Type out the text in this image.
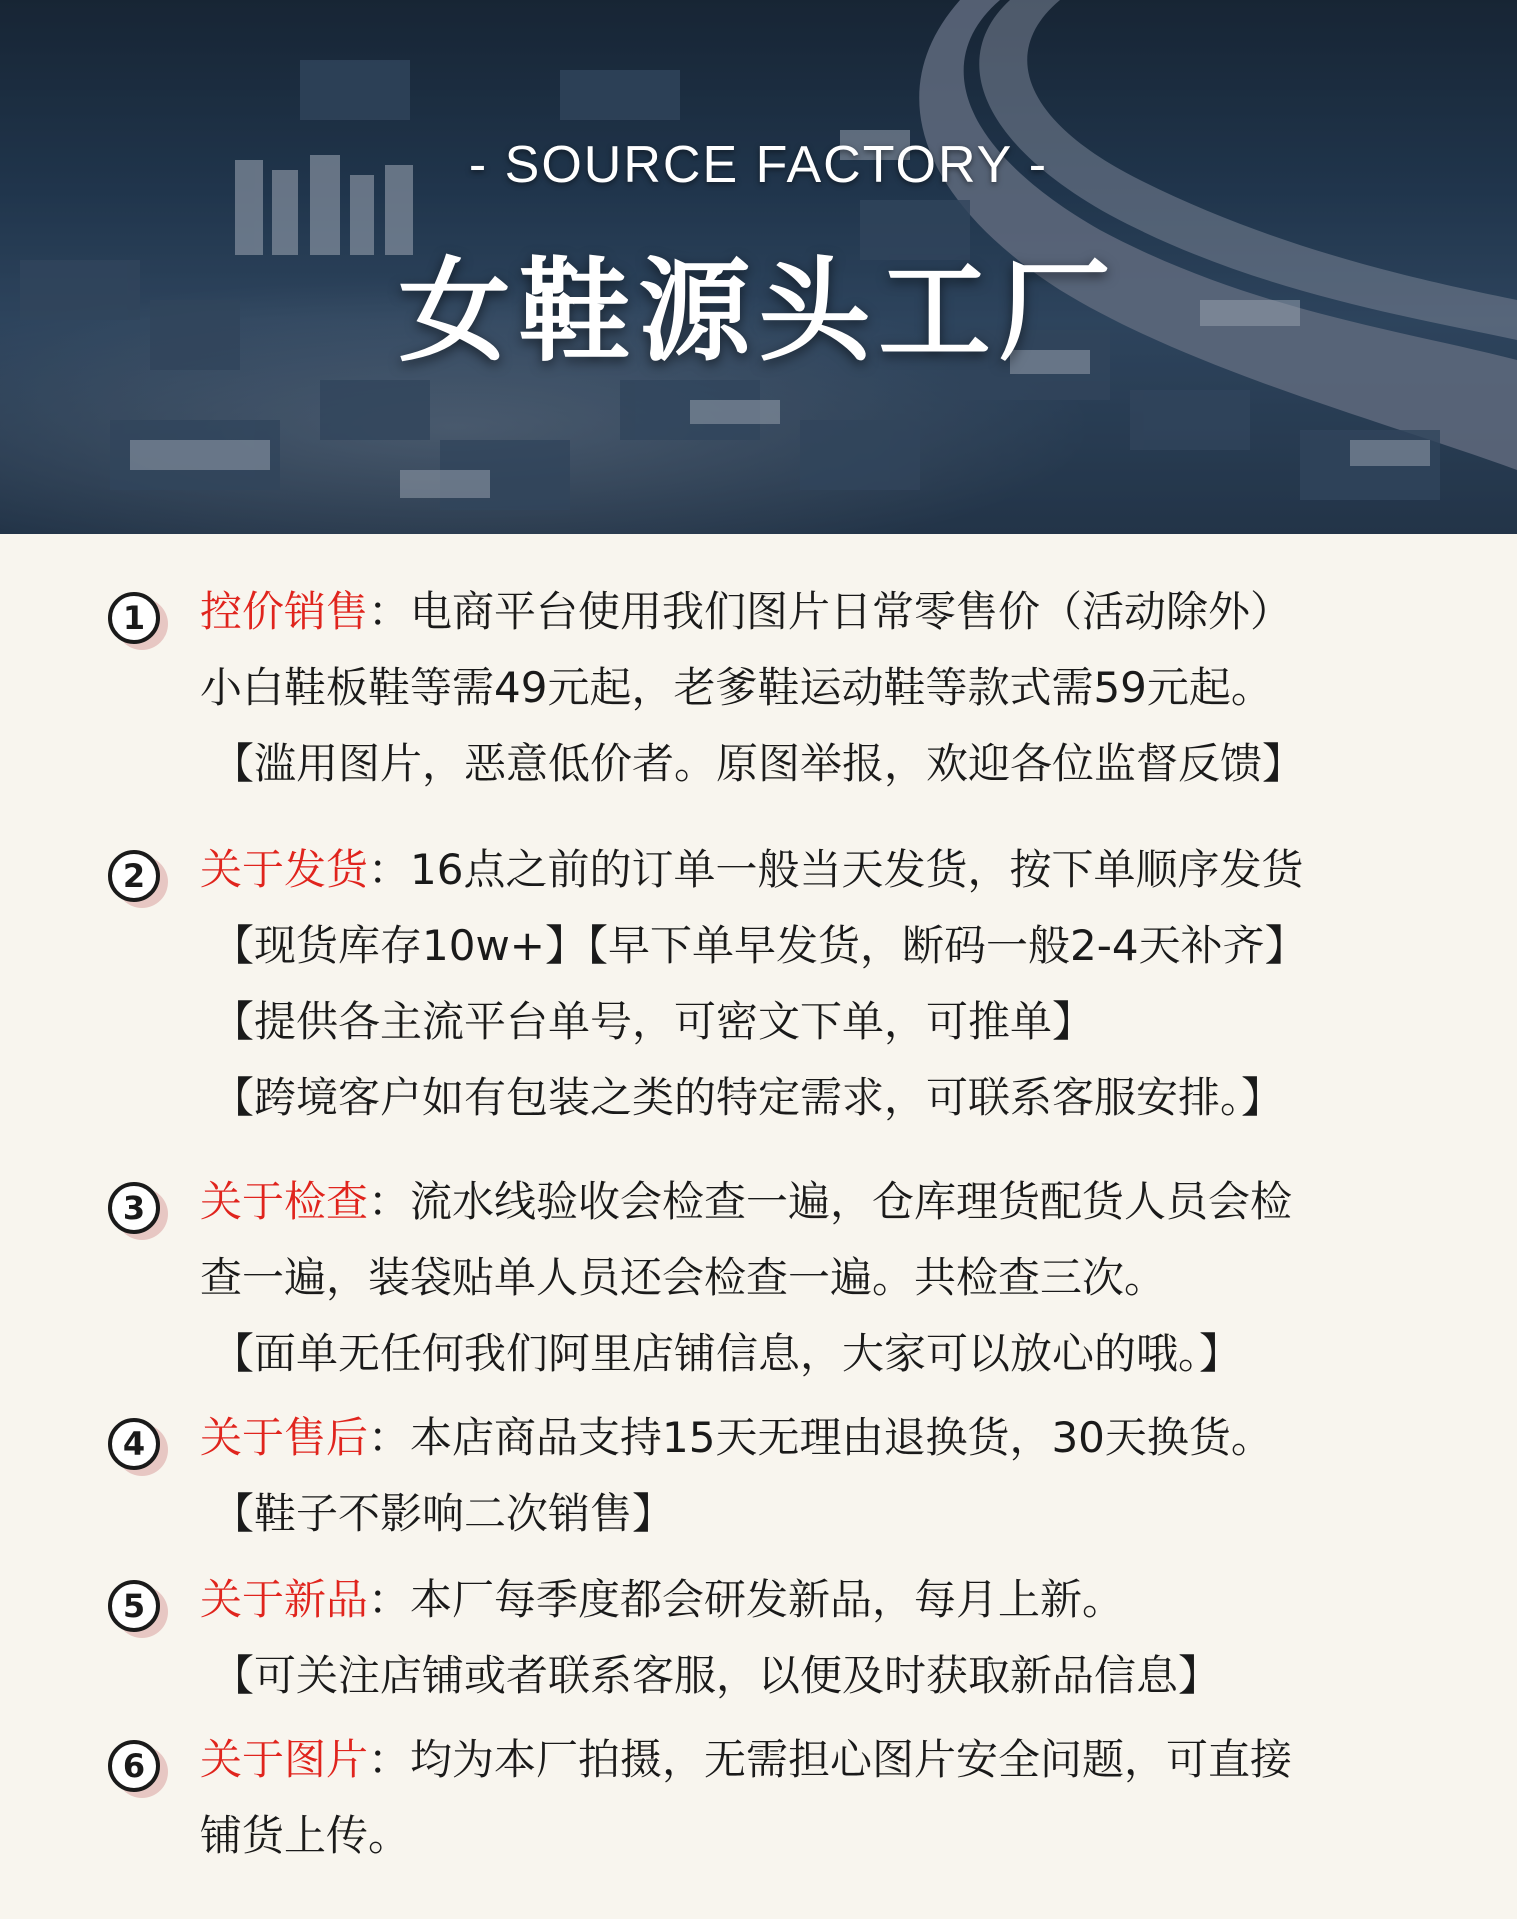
- SOURCE FACTORY -
女鞋源头工厂
1	控价销售：电商平台使用我们图片日常零售价（活动除外）
小白鞋板鞋等需49元起，老爹鞋运动鞋等款式需59元起。
【滥用图片，恶意低价者。原图举报，欢迎各位监督反馈】
2	关于发货：16点之前的订单一般当天发货，按下单顺序发货
【现货库存10w+】【早下单早发货，断码一般2-4天补齐】
【提供各主流平台单号，可密文下单，可推单】
【跨境客户如有包装之类的特定需求，可联系客服安排。】
3	关于检查：流水线验收会检查一遍，仓库理货配货人员会检
查一遍，装袋贴单人员还会检查一遍。共检查三次。
【面单无任何我们阿里店铺信息，大家可以放心的哦。】
4	关于售后：本店商品支持15天无理由退换货，30天换货。
【鞋子不影响二次销售】
5	关于新品：本厂每季度都会研发新品，每月上新。
【可关注店铺或者联系客服，以便及时获取新品信息】
6	关于图片：均为本厂拍摄，无需担心图片安全问题，可直接
铺货上传。
